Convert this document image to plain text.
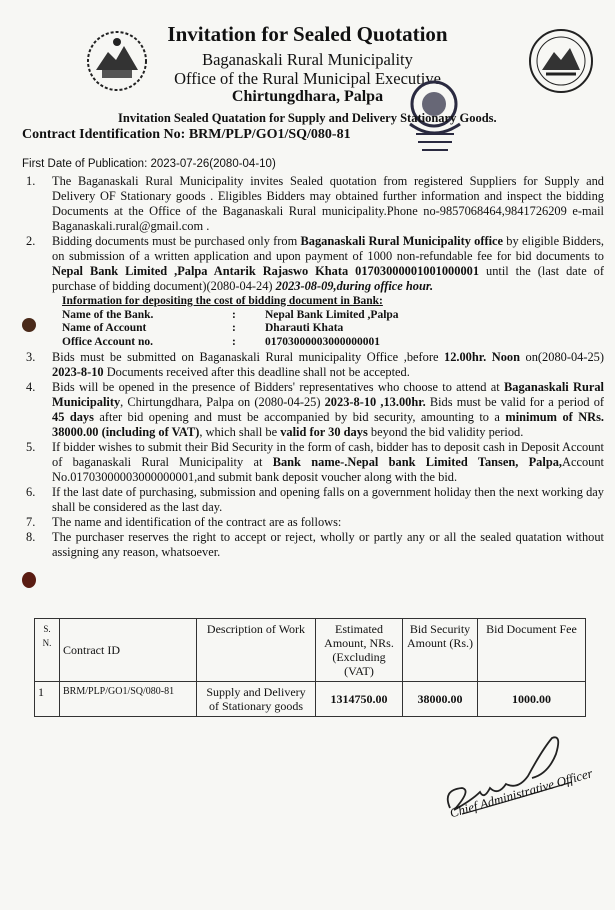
Invitation for Sealed Quotation
Baganaskali Rural Municipality
Office of the Rural Municipal Executive
Chirtungdhara, Palpa
Invitation Sealed Quatation for Supply and Delivery Stationary Goods.
Contract Identification No: BRM/PLP/GO1/SQ/080-81
First Date of Publication: 2023-07-26(2080-04-10)
1.	The Baganaskali Rural Municipality invites Sealed quotation from registered Suppliers for Supply and Delivery OF Stationary goods . Eligibles Bidders may obtained further information and inspect the bidding Documents at the Office of the Baganaskali Rural municipality.Phone no-9857068464,9841726209 e-mail Baganaskali.rural@gmail.com .
2.	Bidding documents must be purchased only from Baganaskali Rural Municipality office by eligible Bidders, on submission of a written application and upon payment of 1000 non-refundable fee for bid documents to Nepal Bank Limited ,Palpa Antarik Rajaswo Khata 01703000001001000001 until the (last date of purchase of bidding document)(2080-04-24) 2023-08-09,during office hour.
Information for depositing the cost of bidding document in Bank:
Name of the Bank.	:	Nepal Bank Limited ,Palpa
Name of Account	:	Dharauti Khata
Office Account no.	:	01703000003000000001
3.	Bids must be submitted on Baganaskali Rural municipality Office ,before 12.00hr. Noon on(2080-04-25) 2023-8-10 Documents received after this deadline shall not be accepted.
4.	Bids will be opened in the presence of Bidders' representatives who choose to attend at Baganaskali Rural Municipality, Chirtungdhara, Palpa on (2080-04-25) 2023-8-10 ,13.00hr. Bids must be valid for a period of 45 days after bid opening and must be accompanied by bid security, amounting to a minimum of NRs. 38000.00 (including of VAT), which shall be valid for 30 days beyond the bid validity period.
5.	If bidder wishes to submit their Bid Security in the form of cash, bidder has to deposit cash in Deposit Account of baganaskali Rural Municipality at Bank name-.Nepal bank Limited Tansen, Palpa,Account No.01703000003000000001,and submit bank deposit voucher along with the bid.
6.	If the last date of purchasing, submission and opening falls on a government holiday then the next working day shall be considered as the last day.
7.	The name and identification of the contract are as follows:
8.	The purchaser reserves the right to accept or reject, wholly or partly any or all the sealed quatation without assigning any reason, whatsoever.
S. N.	Contract ID	Description of Work	Estimated Amount, NRs.(Excluding (VAT)	Bid Security Amount (Rs.)	Bid Document Fee
1	BRM/PLP/GO1/SQ/080-81	Supply and Delivery of Stationary goods	1314750.00	38000.00	1000.00
Chief Administrative Officer
